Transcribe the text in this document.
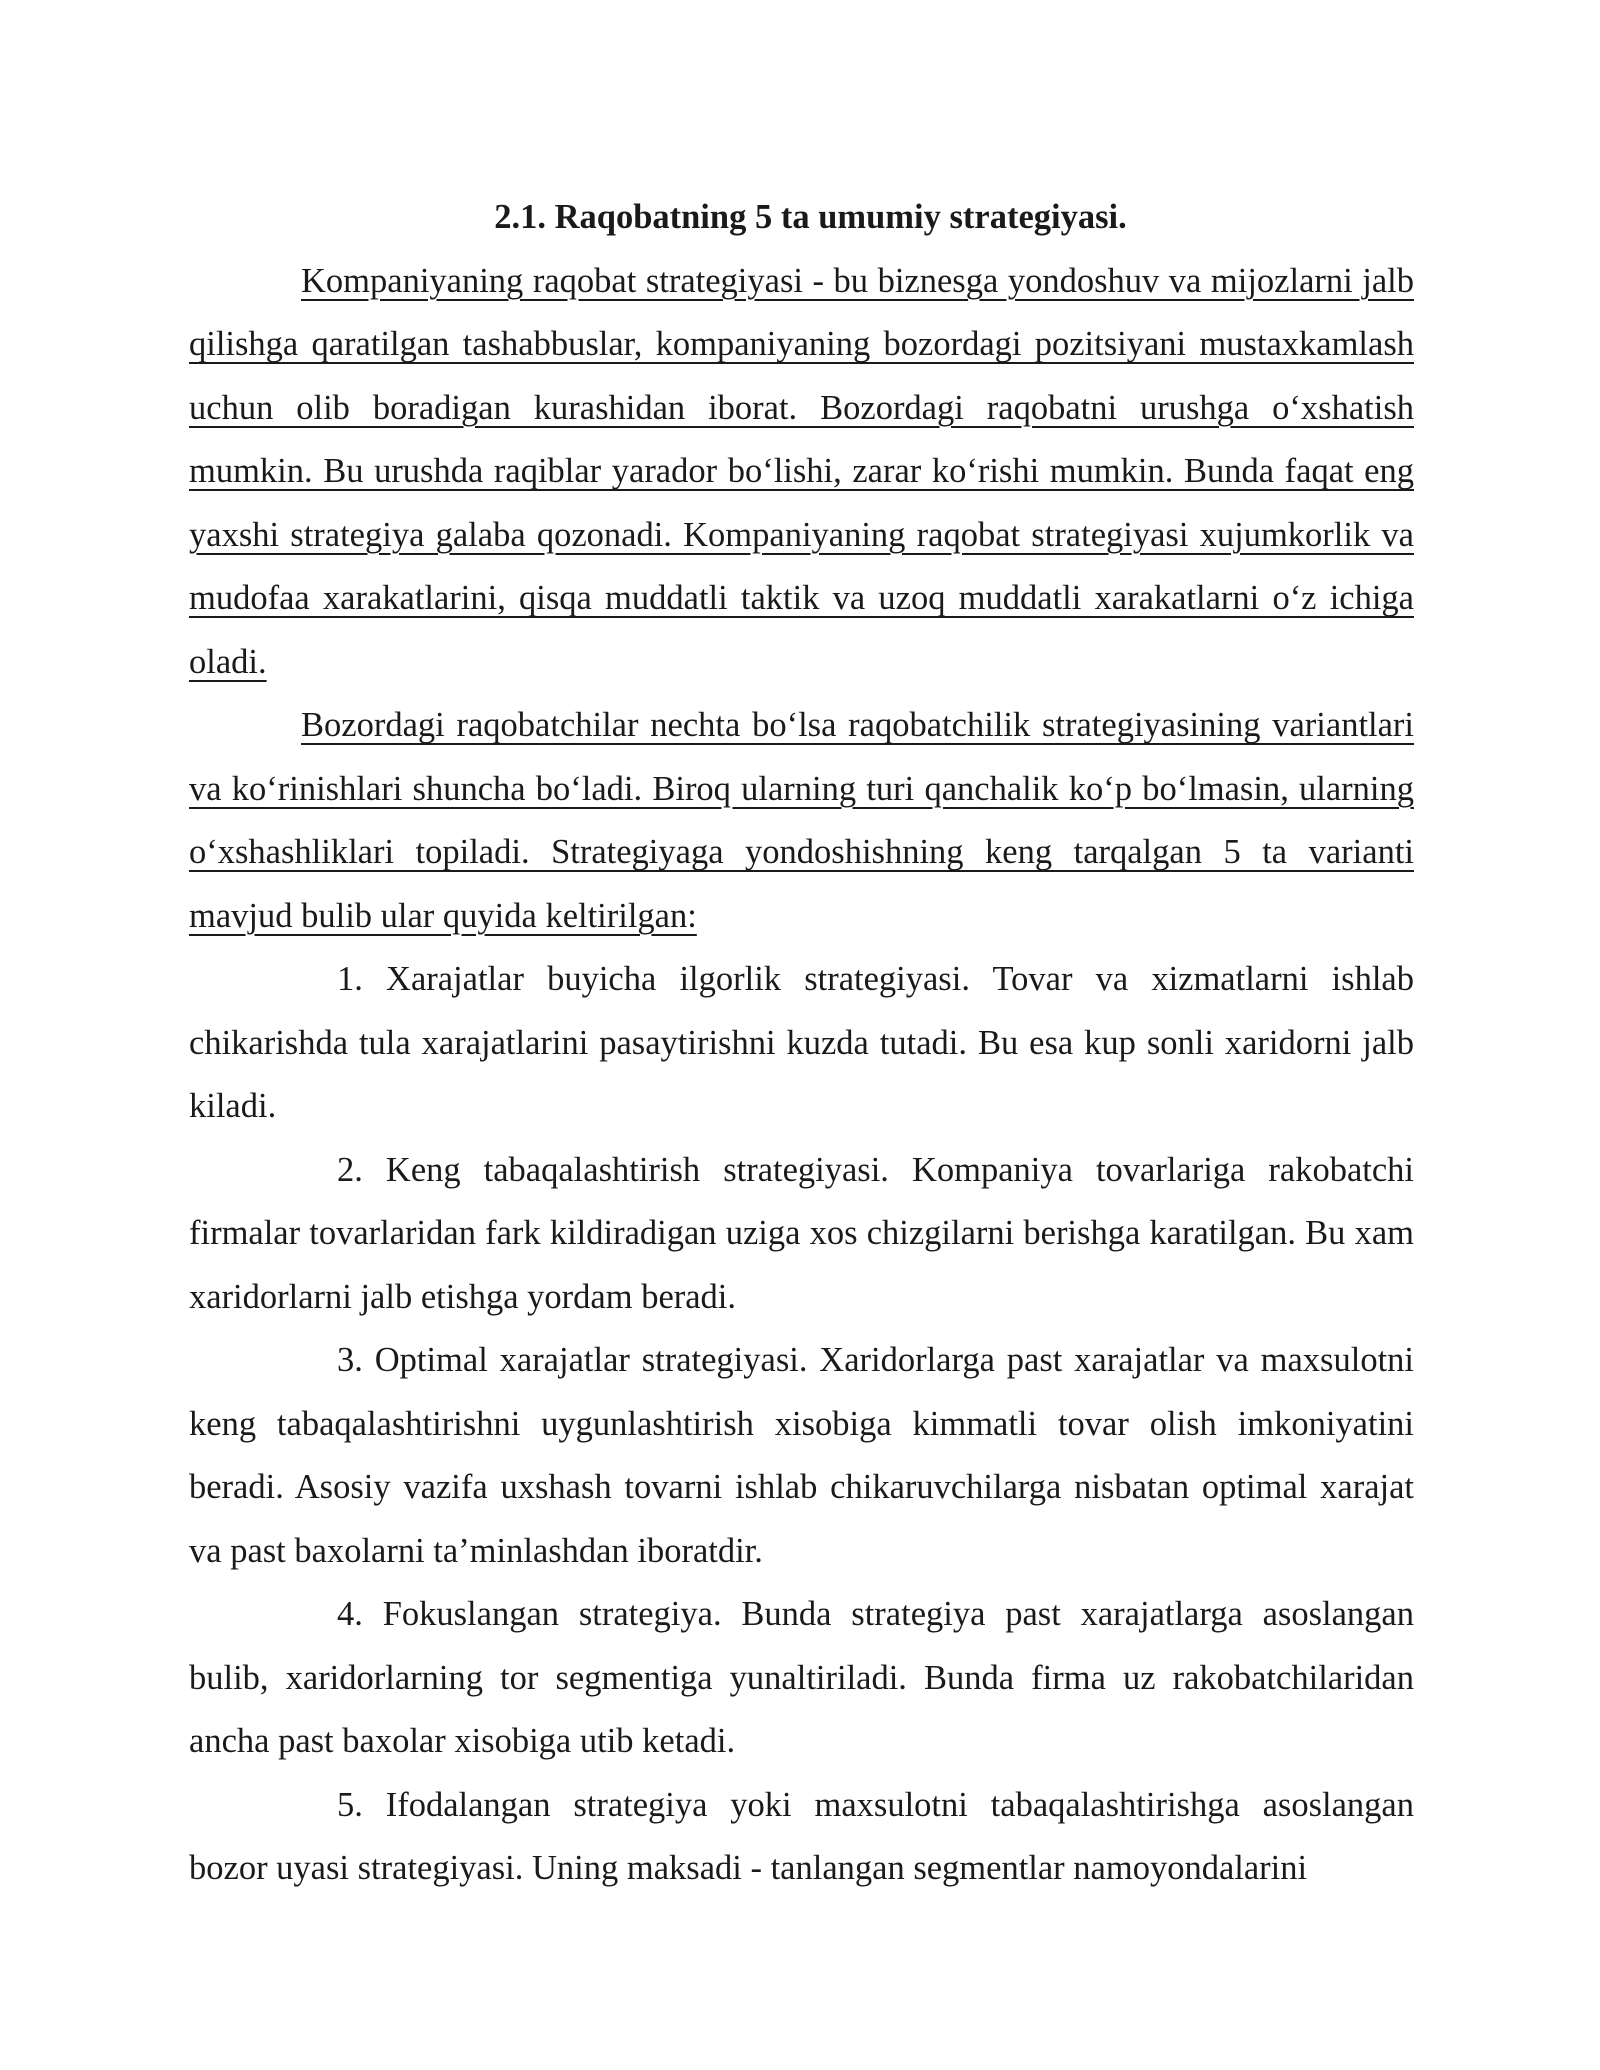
2.1. Raqobatning 5 ta umumiy strategiyasi.

Kompaniyaning raqobat strategiyasi - bu biznesga yondoshuv va mijozlarni jalb qilishga qaratilgan tashabbuslar, kompaniyaning bozordagi pozitsiyani mustaxkamlash uchun olib boradigan kurashidan iborat. Bozordagi raqobatni urushga o‘xshatish mumkin. Bu urushda raqiblar yarador bo‘lishi, zarar ko‘rishi mumkin. Bunda faqat eng yaxshi strategiya galaba qozonadi. Kompaniyaning raqobat strategiyasi xujumkorlik va mudofaa xarakatlarini, qisqa muddatli taktik va uzoq muddatli xarakatlarni o‘z ichiga oladi.

Bozordagi raqobatchilar nechta bo‘lsa raqobatchilik strategiyasining variantlari va ko‘rinishlari shuncha bo‘ladi. Biroq ularning turi qanchalik ko‘p bo‘lmasin, ularning o‘xshashliklari topiladi. Strategiyaga yondoshishning keng tarqalgan 5 ta varianti mavjud bulib ular quyida keltirilgan:

1. Xarajatlar buyicha ilgorlik strategiyasi. Tovar va xizmatlarni ishlab chikarishda tula xarajatlarini pasaytirishni kuzda tutadi. Bu esa kup sonli xaridorni jalb kiladi.

2. Keng tabaqalashtirish strategiyasi. Kompaniya tovarlariga rakobatchi firmalar tovarlaridan fark kildiradigan uziga xos chizgilarni berishga karatilgan. Bu xam xaridorlarni jalb etishga yordam beradi.

3. Optimal xarajatlar strategiyasi. Xaridorlarga past xarajatlar va maxsulotni keng tabaqalashtirishni uygunlashtirish xisobiga kimmatli tovar olish imkoniyatini beradi. Asosiy vazifa uxshash tovarni ishlab chikaruvchilarga nisbatan optimal xarajat va past baxolarni ta’minlashdan iboratdir.

4. Fokuslangan strategiya. Bunda strategiya past xarajatlarga asoslangan bulib, xaridorlarning tor segmentiga yunaltiriladi. Bunda firma uz rakobatchilaridan ancha past baxolar xisobiga utib ketadi.

5. Ifodalangan strategiya yoki maxsulotni tabaqalashtirishga asoslangan bozor uyasi strategiyasi. Uning maksadi - tanlangan segmentlar namoyondalarini
